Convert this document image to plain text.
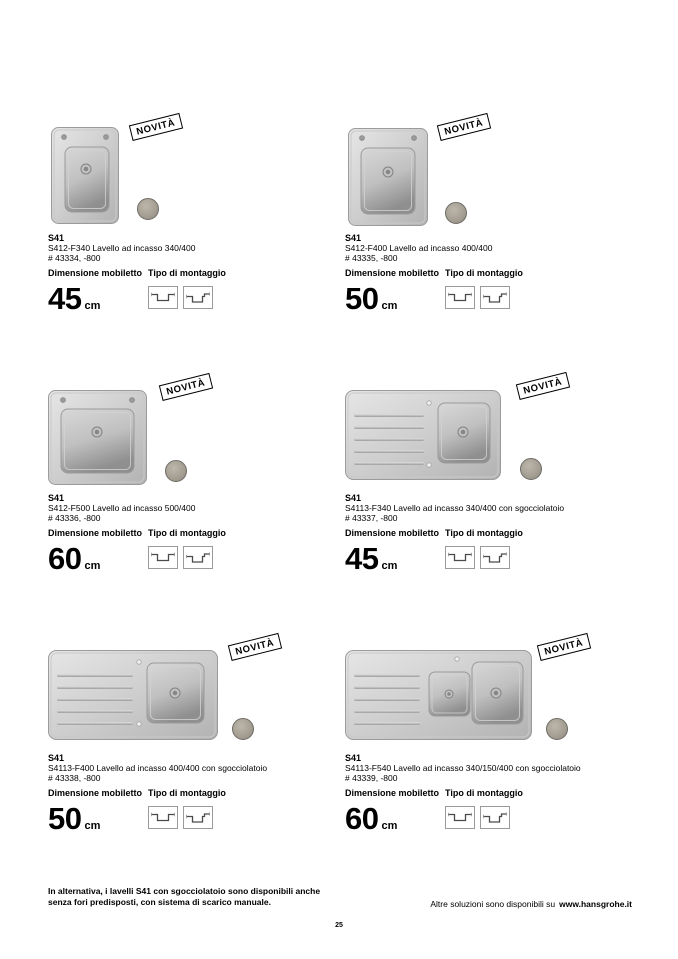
NOVITÀ
S41
S412-F340 Lavello ad incasso 340/400
# 43334, -800
Dimensione mobiletto
45 cm
Tipo di montaggio
NOVITÀ
S41
S412-F400 Lavello ad incasso 400/400
# 43335, -800
Dimensione mobiletto
50 cm
Tipo di montaggio
NOVITÀ
S41
S412-F500 Lavello ad incasso 500/400
# 43336, -800
Dimensione mobiletto
60 cm
Tipo di montaggio
NOVITÀ
S41
S4113-F340 Lavello ad incasso 340/400 con sgocciolatoio
# 43337, -800
Dimensione mobiletto
45 cm
Tipo di montaggio
NOVITÀ
S41
S4113-F400 Lavello ad incasso 400/400 con sgocciolatoio
# 43338, -800
Dimensione mobiletto
50 cm
Tipo di montaggio
NOVITÀ
S41
S4113-F540 Lavello ad incasso 340/150/400 con sgocciolatoio
# 43339, -800
Dimensione mobiletto
60 cm
Tipo di montaggio

In alternativa, i lavelli S41 con sgocciolatoio sono disponibili anche senza fori predisposti, con sistema di scarico manuale.	Altre soluzioni sono disponibili su www.hansgrohe.it

25
